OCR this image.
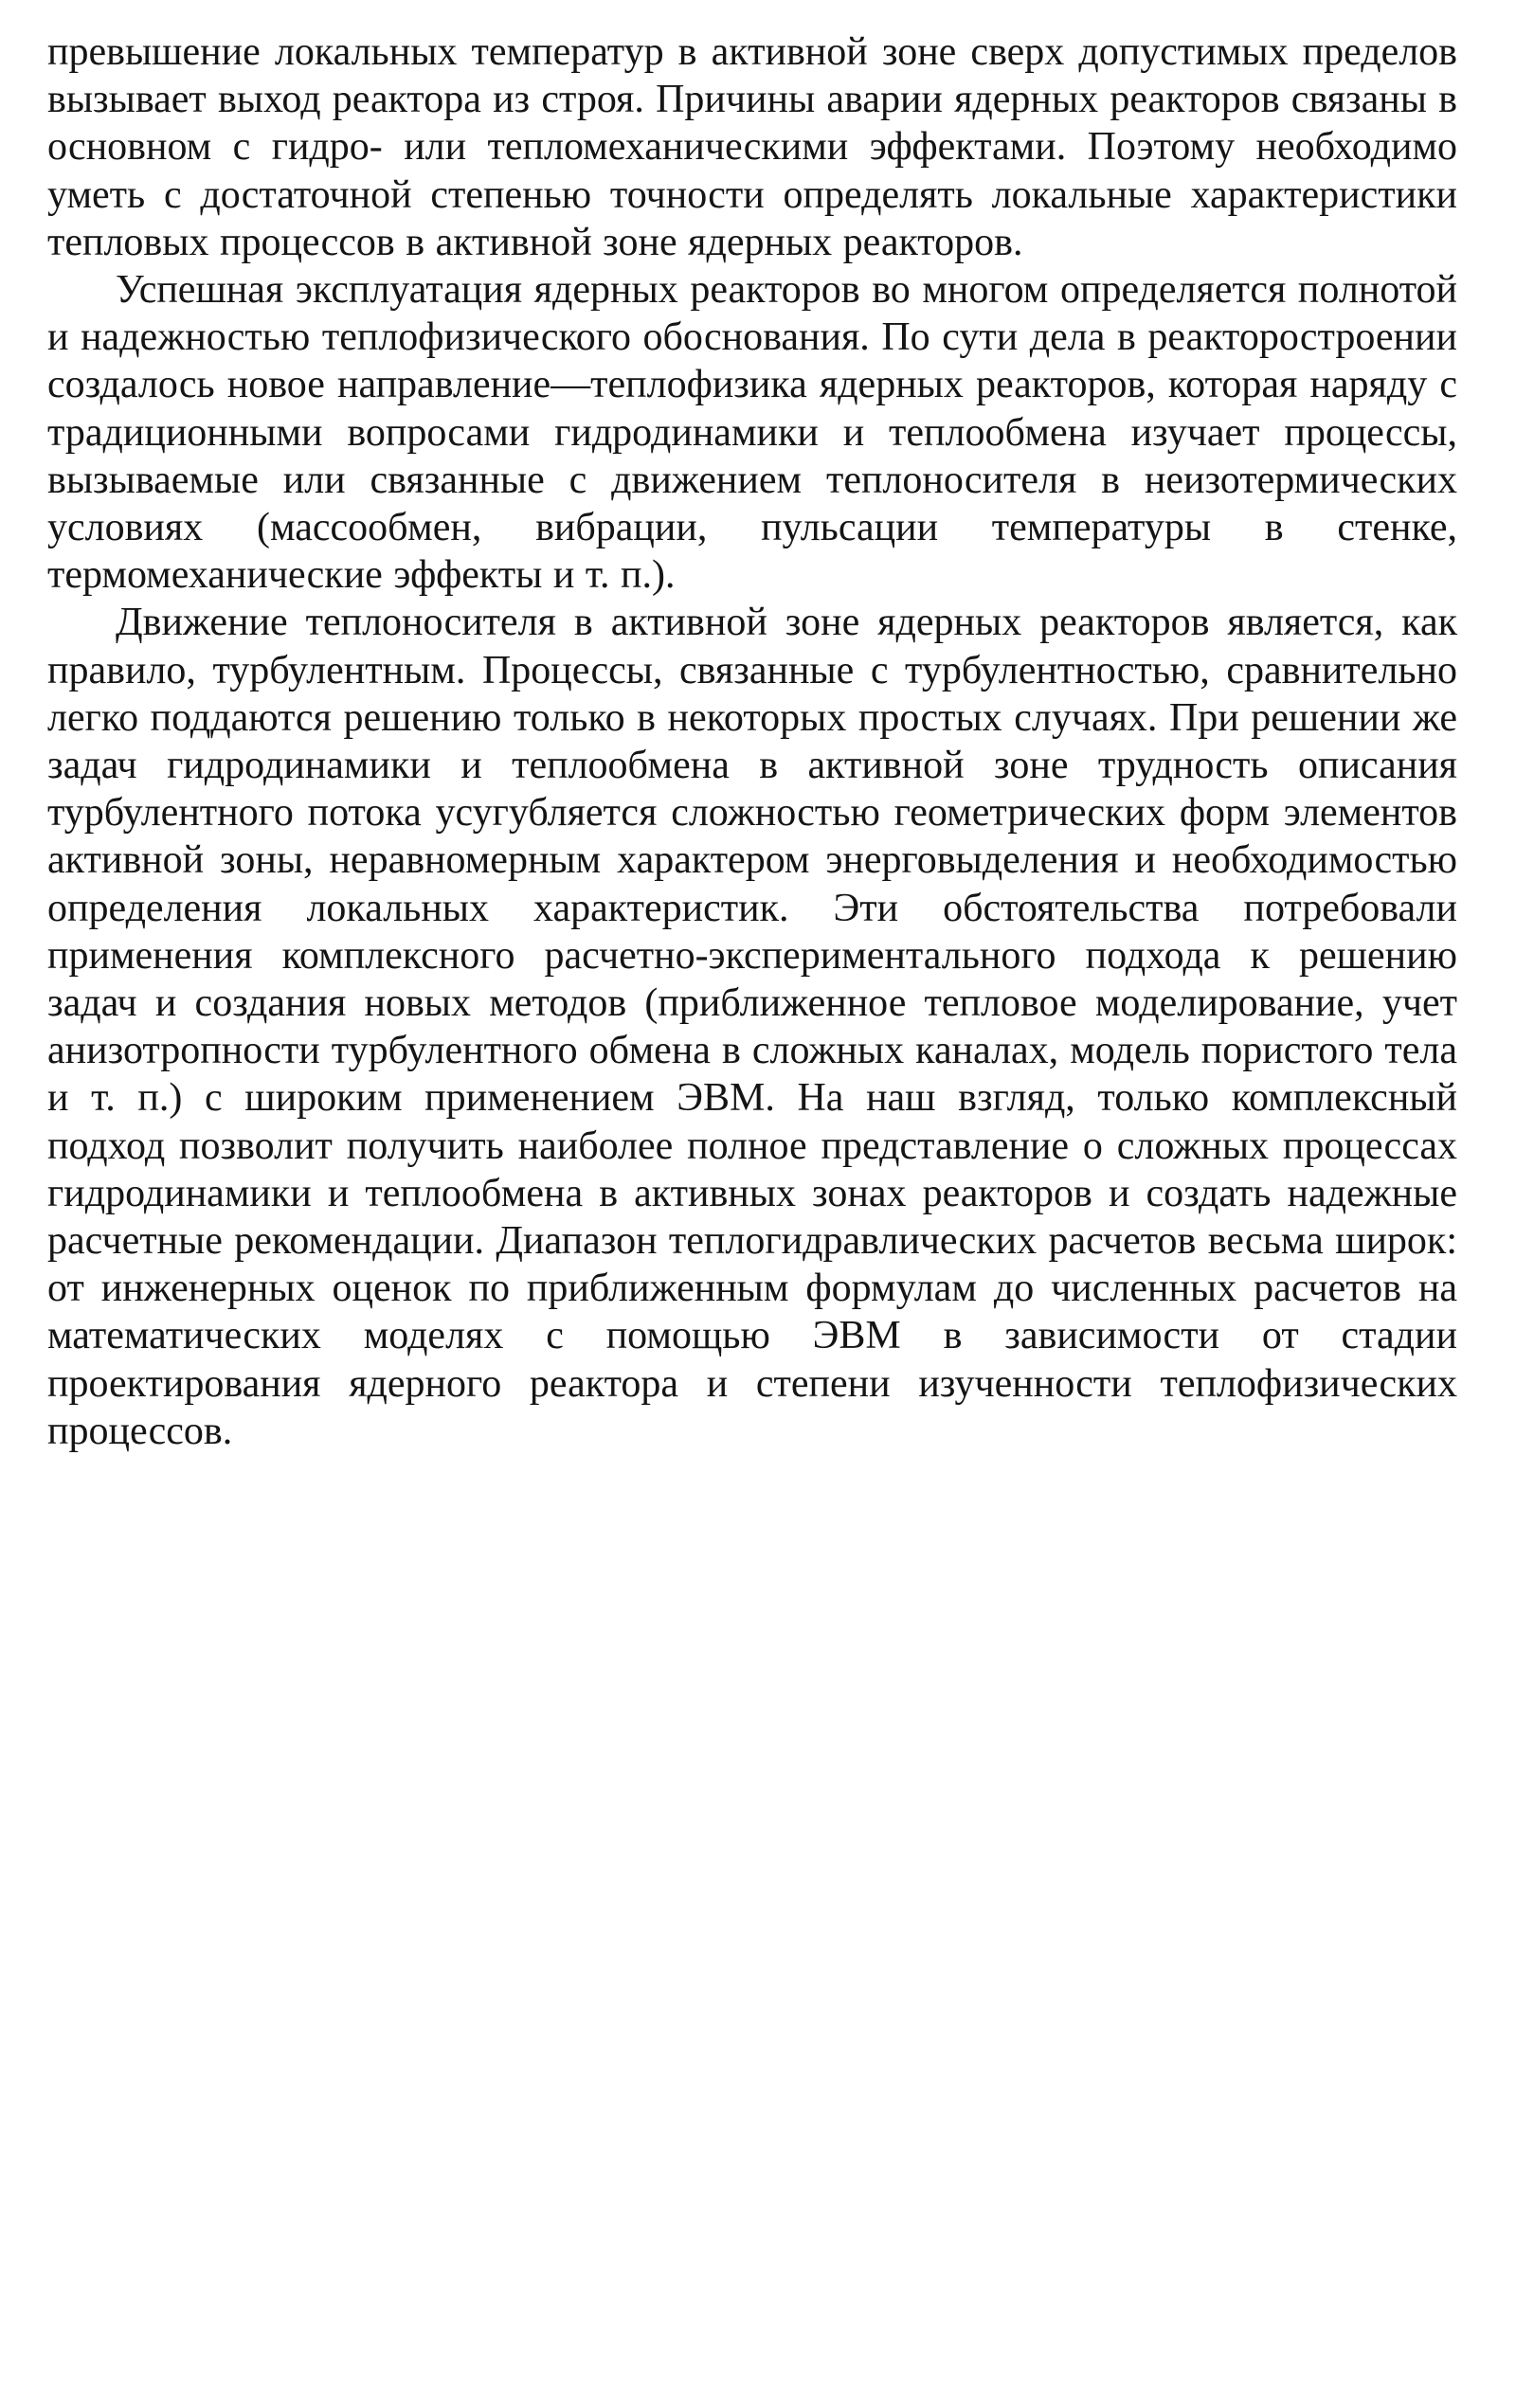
превышение локальных температур в активной зоне сверх допустимых пределов вызывает выход реактора из строя. Причины аварии ядерных реакторов связаны в основном с гидро- или тепломеханическими эффектами. Поэтому необходимо уметь с достаточной степенью точности определять локальные характеристики тепловых процессов в активной зоне ядерных реакторов.

Успешная эксплуатация ядерных реакторов во многом определяется полнотой и надежностью теплофизического обоснования. По сути дела в реакторостроении создалось новое направление—теплофизика ядерных реакторов, которая наряду с традиционными вопросами гидродинамики и теплообмена изучает процессы, вызываемые или связанные с движением теплоносителя в неизотермических условиях (массообмен, вибрации, пульсации температуры в стенке, термомеханические эффекты и т. п.).

Движение теплоносителя в активной зоне ядерных реакторов является, как правило, турбулентным. Процессы, связанные с турбулентностью, сравнительно легко поддаются решению только в некоторых простых случаях. При решении же задач гидродинамики и теплообмена в активной зоне трудность описания турбулентного потока усугубляется сложностью геометрических форм элементов активной зоны, неравномерным характером энерговыделения и необходимостью определения локальных характеристик. Эти обстоятельства потребовали применения комплексного расчетно-экспериментального подхода к решению задач и создания новых методов (приближенное тепловое моделирование, учет анизотропности турбулентного обмена в сложных каналах, модель пористого тела и т. п.) с широким применением ЭВМ. На наш взгляд, только комплексный подход позволит получить наиболее полное представление о сложных процессах гидродинамики и теплообмена в активных зонах реакторов и создать надежные расчетные рекомендации. Диапазон теплогидравлических расчетов весьма широк: от инженерных оценок по приближенным формулам до численных расчетов на математических моделях с помощью ЭВМ в зависимости от стадии проектирования ядерного реактора и степени изученности теплофизических процессов.
